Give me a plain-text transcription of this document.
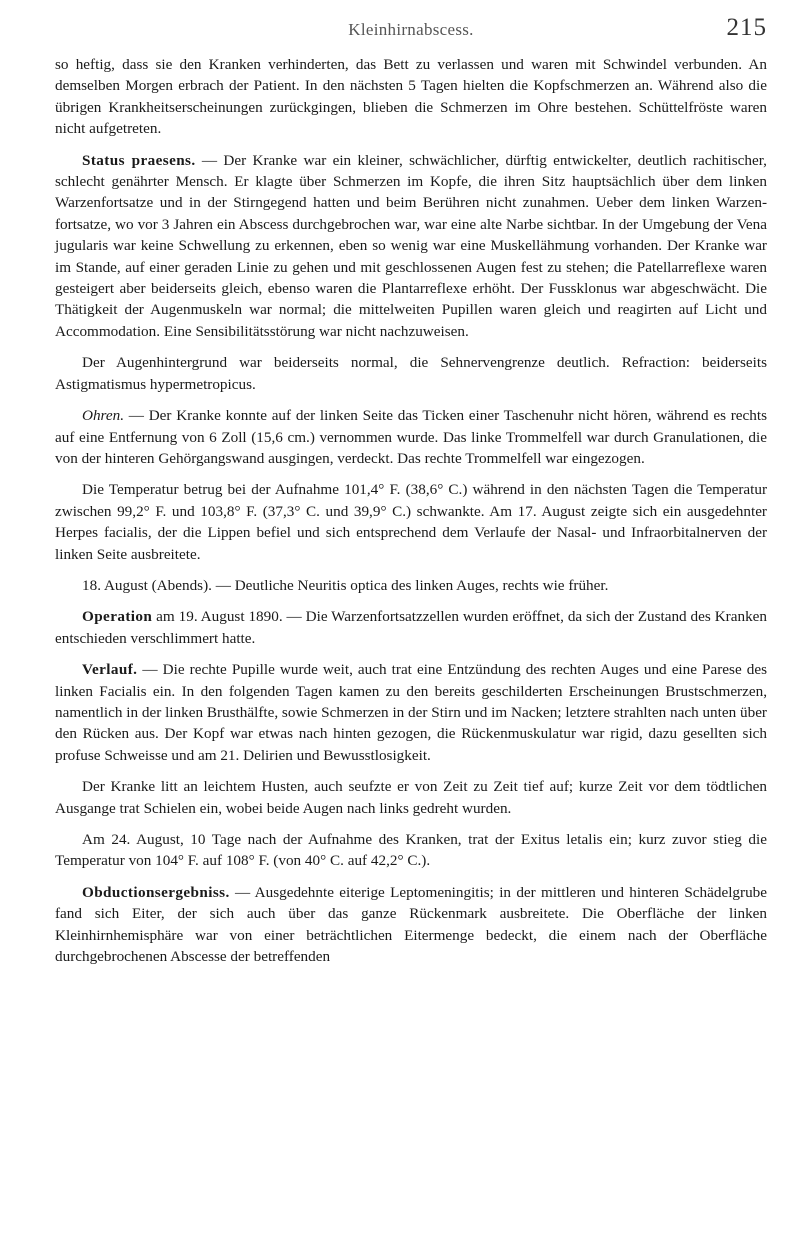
Kleinhirnabscess.	215

so heftig, dass sie den Kranken verhinderten, das Bett zu verlassen und waren mit Schwindel verbunden. An demselben Morgen erbrach der Patient. In den nächsten 5 Tagen hielten die Kopfschmerzen an. Während also die übrigen Krankheitserscheinungen zurückgingen, blieben die Schmerzen im Ohre bestehen. Schüttelfröste waren nicht aufgetreten.

Status praesens. — Der Kranke war ein kleiner, schwächlicher, dürftig entwickelter, deutlich rachitischer, schlecht genährter Mensch. Er klagte über Schmerzen im Kopfe, die ihren Sitz hauptsächlich über dem linken Warzenfortsatze und in der Stirngegend hatten und beim Berühren nicht zunahmen. Ueber dem linken Warzenfortsatze, wo vor 3 Jahren ein Abscess durchgebrochen war, war eine alte Narbe sichtbar. In der Umgebung der Vena jugularis war keine Schwellung zu erkennen, eben so wenig war eine Muskellähmung vorhanden. Der Kranke war im Stande, auf einer geraden Linie zu gehen und mit geschlossenen Augen fest zu stehen; die Patellarreflexe waren gesteigert aber beiderseits gleich, ebenso waren die Plantarreflexe erhöht. Der Fussklonus war abgeschwächt. Die Thätigkeit der Augenmuskeln war normal; die mittelweiten Pupillen waren gleich und reagirten auf Licht und Accommodation. Eine Sensibilitätsstörung war nicht nachzuweisen.

Der Augenhintergrund war beiderseits normal, die Sehnervengrenze deutlich. Refraction: beiderseits Astigmatismus hypermetropicus.

Ohren. — Der Kranke konnte auf der linken Seite das Ticken einer Taschenuhr nicht hören, während es rechts auf eine Entfernung von 6 Zoll (15,6 cm.) vernommen wurde. Das linke Trommelfell war durch Granulationen, die von der hinteren Gehörgangswand ausgingen, verdeckt. Das rechte Trommelfell war eingezogen.

Die Temperatur betrug bei der Aufnahme 101,4° F. (38,6° C.) während in den nächsten Tagen die Temperatur zwischen 99,2° F. und 103,8° F. (37,3° C. und 39,9° C.) schwankte. Am 17. August zeigte sich ein ausgedehnter Herpes facialis, der die Lippen befiel und sich entsprechend dem Verlaufe der Nasal- und Infraorbitalnerven der linken Seite ausbreitete.

18. August (Abends). — Deutliche Neuritis optica des linken Auges, rechts wie früher.

Operation am 19. August 1890. — Die Warzenfortsatzzellen wurden eröffnet, da sich der Zustand des Kranken entschieden verschlimmert hatte.

Verlauf. — Die rechte Pupille wurde weit, auch trat eine Entzündung des rechten Auges und eine Parese des linken Facialis ein. In den folgenden Tagen kamen zu den bereits geschilderten Erscheinungen Brustschmerzen, namentlich in der linken Brusthälfte, sowie Schmerzen in der Stirn und im Nacken; letztere strahlten nach unten über den Rücken aus. Der Kopf war etwas nach hinten gezogen, die Rückenmuskulatur war rigid, dazu gesellten sich profuse Schweisse und am 21. Delirien und Bewusstlosigkeit.

Der Kranke litt an leichtem Husten, auch seufzte er von Zeit zu Zeit tief auf; kurze Zeit vor dem tödtlichen Ausgange trat Schielen ein, wobei beide Augen nach links gedreht wurden.

Am 24. August, 10 Tage nach der Aufnahme des Kranken, trat der Exitus letalis ein; kurz zuvor stieg die Temperatur von 104° F. auf 108° F. (von 40° C. auf 42,2° C.).

Obductionsergebniss. — Ausgedehnte eiterige Leptomeningitis; in der mittleren und hinteren Schädelgrube fand sich Eiter, der sich auch über das ganze Rückenmark ausbreitete. Die Oberfläche der linken Kleinhirnhemisphäre war von einer beträchtlichen Eitermenge bedeckt, die einem nach der Oberfläche durchgebrochenen Abscesse der betreffenden
